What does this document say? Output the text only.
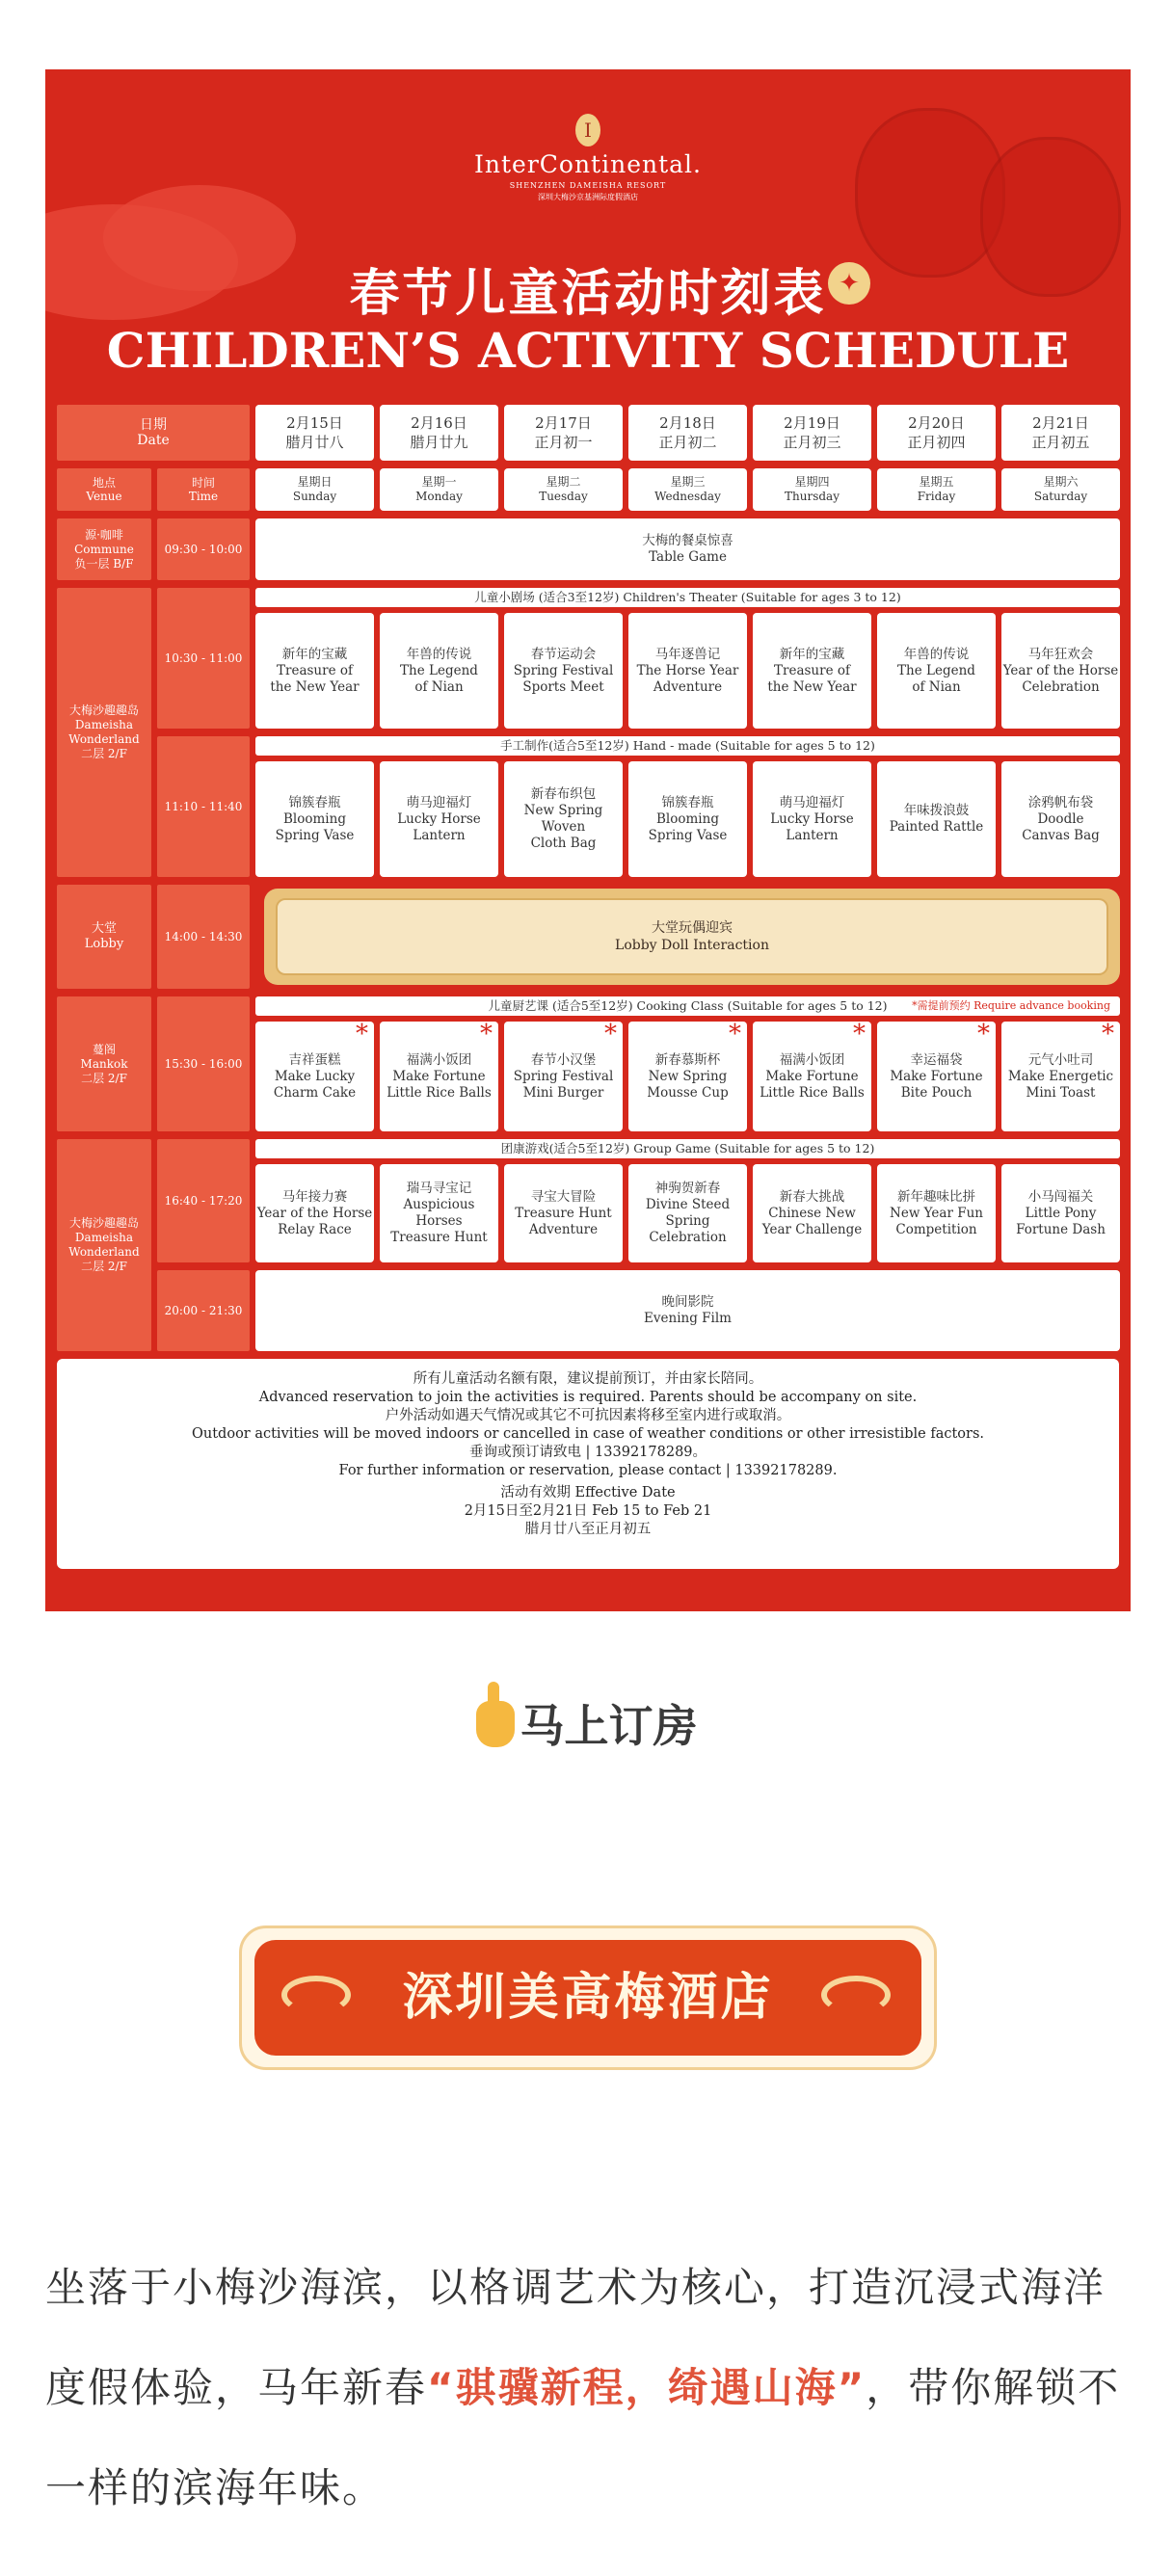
I
InterContinental.
SHENZHEN DAMEISHA RESORT
深圳大梅沙京基洲际度假酒店
春节儿童活动时刻表 ✦
CHILDREN’S ACTIVITY SCHEDULE
日期
Date
地点
Venue
时间
Time
2月15日
腊月廿八
星期日
Sunday
2月16日
腊月廿九
星期一
Monday
2月17日
正月初一
星期二
Tuesday
2月18日
正月初二
星期三
Wednesday
2月19日
正月初三
星期四
Thursday
2月20日
正月初四
星期五
Friday
2月21日
正月初五
星期六
Saturday
源·咖啡
Commune
负一层 B/F
大梅沙趣趣岛
Dameisha
Wonderland
二层 2/F
大堂
Lobby
蔓阁
Mankok
二层 2/F
大梅沙趣趣岛
Dameisha
Wonderland
二层 2/F
09:30 - 10:00
10:30 - 11:00
11:10 - 11:40
14:00 - 14:30
15:30 - 16:00
16:40 - 17:20
20:00 - 21:30
大梅的餐桌惊喜
Table Game
儿童小剧场 (适合3至12岁) Children's Theater (Suitable for ages 3 to 12)
手工制作(适合5至12岁) Hand - made (Suitable for ages 5 to 12)
大堂玩偶迎宾
Lobby Doll Interaction
儿童厨艺课 (适合5至12岁) Cooking Class (Suitable for ages 5 to 12) *需提前预约 Require advance booking
团康游戏(适合5至12岁) Group Game (Suitable for ages 5 to 12)
晚间影院
Evening Film
新年的宝藏
Treasure of
the New Year
年兽的传说
The Legend
of Nian
春节运动会
Spring Festival
Sports Meet
马年逐兽记
The Horse Year
Adventure
新年的宝藏
Treasure of
the New Year
年兽的传说
The Legend
of Nian
马年狂欢会
Year of the Horse
Celebration
锦簇春瓶
Blooming
Spring Vase
萌马迎福灯
Lucky Horse
Lantern
新春布织包
New Spring
Woven
Cloth Bag
锦簇春瓶
Blooming
Spring Vase
萌马迎福灯
Lucky Horse
Lantern
年味拨浪鼓
Painted Rattle
涂鸦帆布袋
Doodle
Canvas Bag
吉祥蛋糕
Make Lucky
Charm Cake
*
福满小饭团
Make Fortune
Little Rice Balls
*
春节小汉堡
Spring Festival
Mini Burger
*
新春慕斯杯
New Spring
Mousse Cup
*
福满小饭团
Make Fortune
Little Rice Balls
*
幸运福袋
Make Fortune
Bite Pouch
*
元气小吐司
Make Energetic
Mini Toast
*
马年接力赛
Year of the Horse
Relay Race
瑞马寻宝记
Auspicious Horses
Treasure Hunt
寻宝大冒险
Treasure Hunt
Adventure
神驹贺新春
Divine Steed
Spring
Celebration
新春大挑战
Chinese New
Year Challenge
新年趣味比拼
New Year Fun
Competition
小马闯福关
Little Pony
Fortune Dash
所有儿童活动名额有限，建议提前预订，并由家长陪同。
Advanced reservation to join the activities is required. Parents should be accompany on site.
户外活动如遇天气情况或其它不可抗因素将移至室内进行或取消。
Outdoor activities will be moved indoors or cancelled in case of weather conditions or other irresistible factors.
垂询或预订请致电 | 13392178289。
For further information or reservation, please contact | 13392178289.
活动有效期 Effective Date
2月15日至2月21日 Feb 15 to Feb 21
腊月廿八至正月初五
马上订房
深圳美高梅酒店
坐落于小梅沙海滨，以格调艺术为核心，打造沉浸式海洋度假体验，马年新春“骐骥新程，绮遇山海”，带你解锁不一样的滨海年味。
